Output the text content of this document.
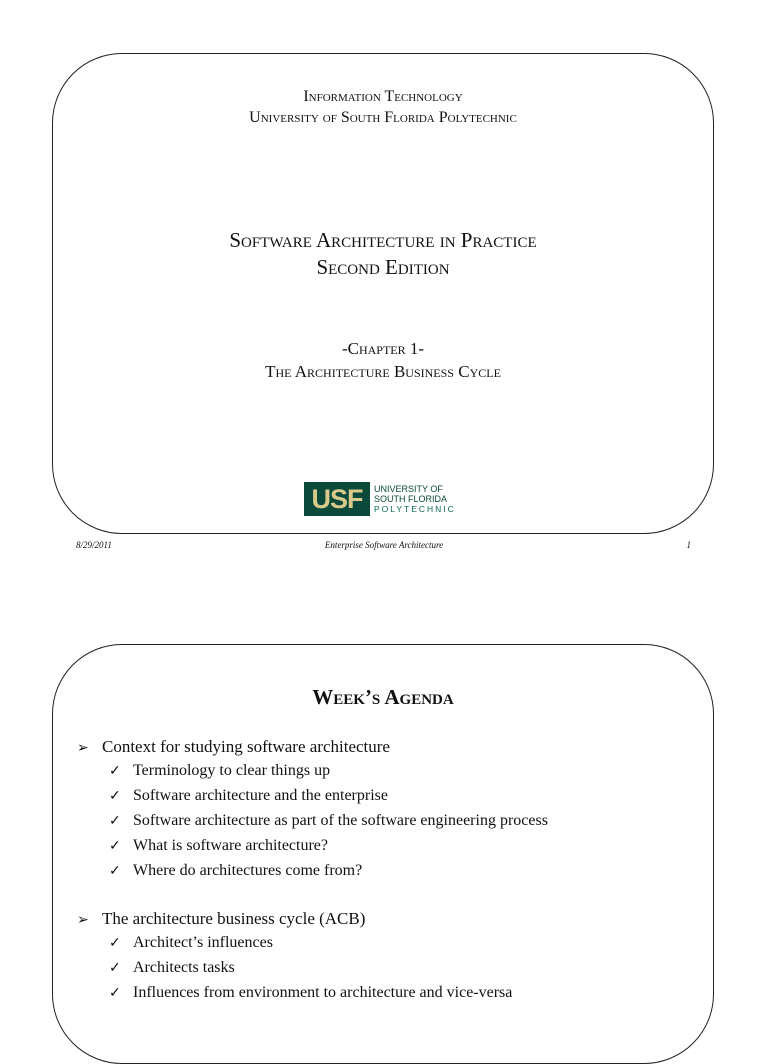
Information Technology
University of South Florida Polytechnic
Software Architecture in Practice
Second Edition
-Chapter 1-
The Architecture Business Cycle
USF	UNIVERSITY OF
SOUTH FLORIDA
POLYTECHNIC
8/29/2011	Enterprise Software Architecture	1
Week’s Agenda
➢ Context for studying software architecture
✓ Terminology to clear things up
✓ Software architecture and the enterprise
✓ Software architecture as part of the software engineering process
✓ What is software architecture?
✓ Where do architectures come from?
➢ The architecture business cycle (ACB)
✓ Architect’s influences
✓ Architects tasks
✓ Influences from environment to architecture and vice-versa
